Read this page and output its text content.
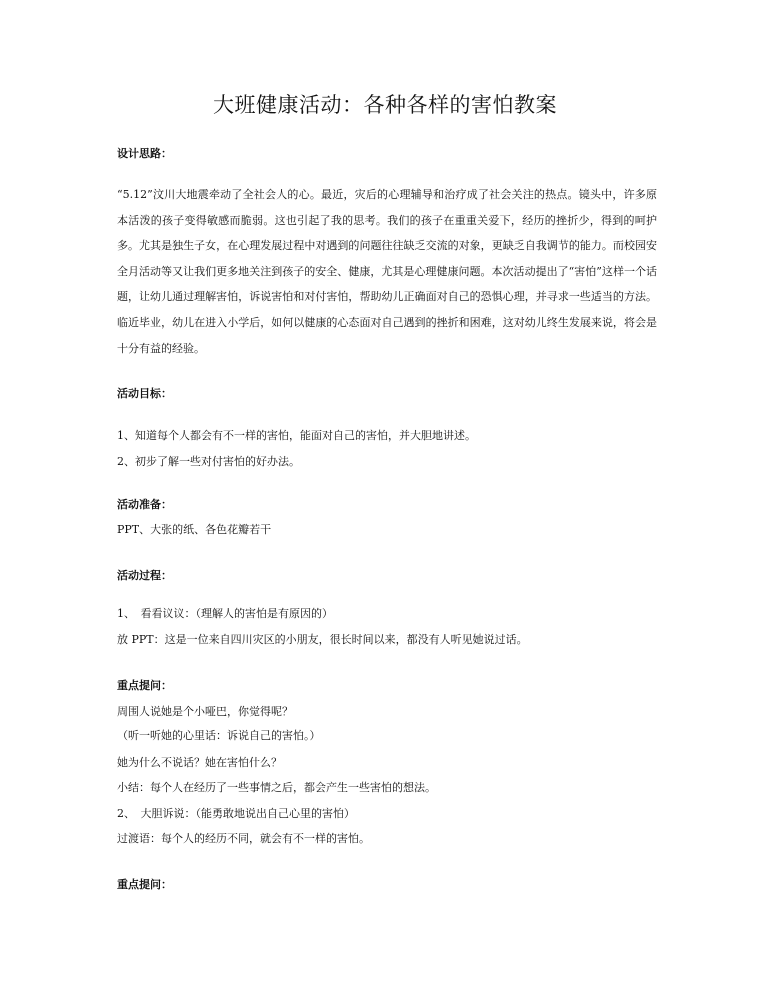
大班健康活动：各种各样的害怕教案

设计思路：

“5.12”汶川大地震牵动了全社会人的心。最近，灾后的心理辅导和治疗成了社会关注的热点。镜头中，许多原本活泼的孩子变得敏感而脆弱。这也引起了我的思考。我们的孩子在重重关爱下，经历的挫折少，得到的呵护多。尤其是独生子女，在心理发展过程中对遇到的问题往往缺乏交流的对象，更缺乏自我调节的能力。而校园安全月活动等又让我们更多地关注到孩子的安全、健康，尤其是心理健康问题。本次活动提出了“害怕”这样一个话题，让幼儿通过理解害怕，诉说害怕和对付害怕，帮助幼儿正确面对自己的恐惧心理，并寻求一些适当的方法。临近毕业，幼儿在进入小学后，如何以健康的心态面对自己遇到的挫折和困难，这对幼儿终生发展来说，将会是十分有益的经验。

活动目标：

1、知道每个人都会有不一样的害怕，能面对自己的害怕，并大胆地讲述。

2、初步了解一些对付害怕的好办法。

活动准备：

PPT、大张的纸、各色花瓣若干

活动过程：

1、　看看议议：（理解人的害怕是有原因的）

放 PPT：这是一位来自四川灾区的小朋友，很长时间以来，都没有人听见她说过话。

重点提问：

周围人说她是个小哑巴，你觉得呢？

（听一听她的心里话：诉说自己的害怕。）

她为什么不说话？她在害怕什么？

小结：每个人在经历了一些事情之后，都会产生一些害怕的想法。

2、　大胆诉说：（能勇敢地说出自己心里的害怕）

过渡语：每个人的经历不同，就会有不一样的害怕。

重点提问：
